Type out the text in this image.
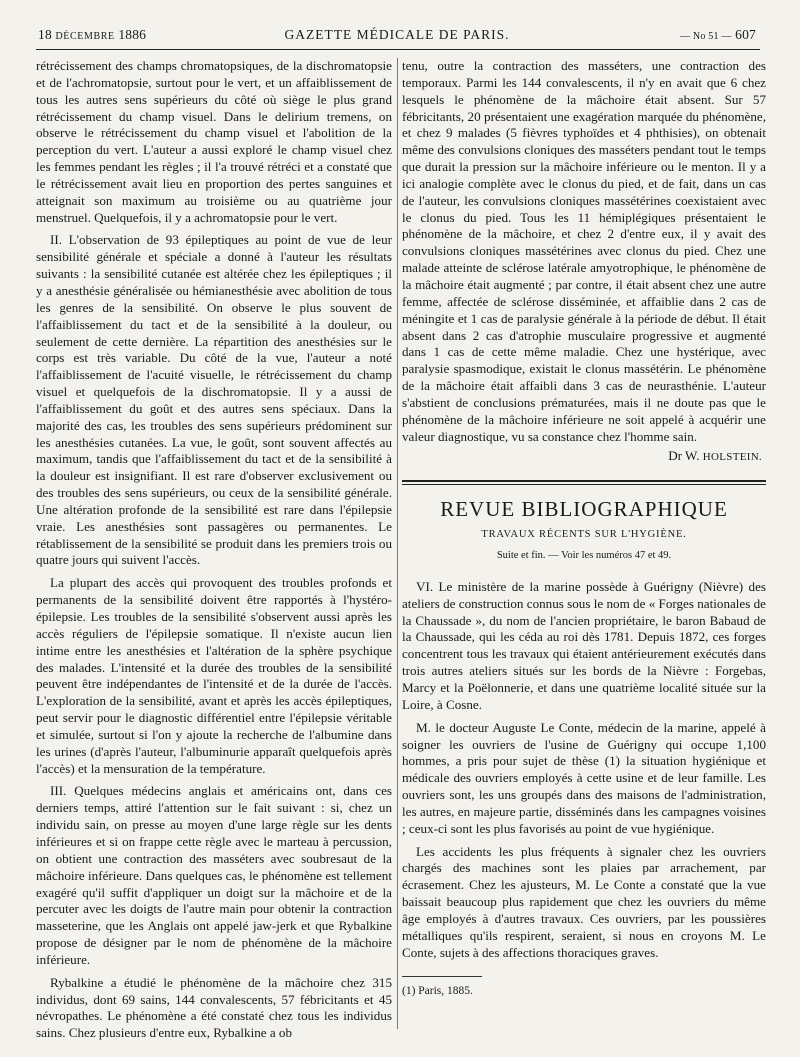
18 DÉCEMBRE 1886	GAZETTE MÉDICALE DE PARIS.	— No 51 — 607

rétrécissement des champs chromatopsiques, de la dischromatopsie et de l'achromatopsie, surtout pour le vert, et un affaiblissement de tous les autres sens supérieurs du côté où siège le plus grand rétrécissement du champ visuel. Dans le delirium tremens, on observe le rétrécissement du champ visuel et l'abolition de la perception du vert. L'auteur a aussi exploré le champ visuel chez les femmes pendant les règles ; il l'a trouvé rétréci et a constaté que le rétrécissement avait lieu en proportion des pertes sanguines et atteignait son maximum au troisième ou au quatrième jour menstruel. Quelquefois, il y a achromatopsie pour le vert.

II. L'observation de 93 épileptiques au point de vue de leur sensibilité générale et spéciale a donné à l'auteur les résultats suivants : la sensibilité cutanée est altérée chez les épileptiques ; il y a anesthésie généralisée ou hémianesthésie avec abolition de tous les genres de la sensibilité. On observe le plus souvent de l'affaiblissement du tact et de la sensibilité à la douleur, ou seulement de cette dernière. La répartition des anesthésies sur le corps est très variable. Du côté de la vue, l'auteur a noté l'affaiblissement de l'acuité visuelle, le rétrécissement du champ visuel et quelquefois de la dischromatopsie. Il y a aussi de l'affaiblissement du goût et des autres sens spéciaux. Dans la majorité des cas, les troubles des sens supérieurs prédominent sur les anesthésies cutanées. La vue, le goût, sont souvent affectés au maximum, tandis que l'affaiblissement du tact et de la sensibilité à la douleur est insignifiant. Il est rare d'observer exclusivement ou des troubles des sens supérieurs, ou ceux de la sensibilité générale. Une altération profonde de la sensibilité est rare dans l'épilepsie vraie. Les anesthésies sont passagères ou permanentes. Le rétablissement de la sensibilité se produit dans les premiers trois ou quatre jours qui suivent l'accès.

La plupart des accès qui provoquent des troubles profonds et permanents de la sensibilité doivent être rapportés à l'hystéro-épilepsie. Les troubles de la sensibilité s'observent aussi après les accès réguliers de l'épilepsie somatique. Il n'existe aucun lien intime entre les anesthésies et l'altération de la sphère psychique des malades. L'intensité et la durée des troubles de la sensibilité peuvent être indépendantes de l'intensité et de la durée de l'accès. L'exploration de la sensibilité, avant et après les accès épileptiques, peut servir pour le diagnostic différentiel entre l'épilepsie véritable et simulée, surtout si l'on y ajoute la recherche de l'albumine dans les urines (d'après l'auteur, l'albuminurie apparaît quelquefois après l'accès) et la mensuration de la température.

III. Quelques médecins anglais et américains ont, dans ces derniers temps, attiré l'attention sur le fait suivant : si, chez un individu sain, on presse au moyen d'une large règle sur les dents inférieures et si on frappe cette règle avec le marteau à percussion, on obtient une contraction des masséters avec soubresaut de la mâchoire inférieure. Dans quelques cas, le phénomène est tellement exagéré qu'il suffit d'appliquer un doigt sur la mâchoire et de la percuter avec les doigts de l'autre main pour obtenir la contraction masseterine, que les Anglais ont appelé jaw-jerk et que Rybalkine propose de désigner par le nom de phénomène de la mâchoire inférieure.

Rybalkine a étudié le phénomène de la mâchoire chez 315 individus, dont 69 sains, 144 convalescents, 57 fébricitants et 45 névropathes. Le phénomène a été constaté chez tous les individus sains. Chez plusieurs d'entre eux, Rybalkine a ob

tenu, outre la contraction des masséters, une contraction des temporaux. Parmi les 144 convalescents, il n'y en avait que 6 chez lesquels le phénomène de la mâchoire était absent. Sur 57 fébricitants, 20 présentaient une exagération marquée du phénomène, et chez 9 malades (5 fièvres typhoïdes et 4 phthisies), on obtenait même des convulsions cloniques des masséters pendant tout le temps que durait la pression sur la mâchoire inférieure ou le menton. Il y a ici analogie complète avec le clonus du pied, et de fait, dans un cas de l'auteur, les convulsions cloniques massétérines coexistaient avec le clonus du pied. Tous les 11 hémiplégiques présentaient le phénomène de la mâchoire, et chez 2 d'entre eux, il y avait des convulsions cloniques massétérines avec clonus du pied. Chez une malade atteinte de sclérose latérale amyotrophique, le phénomène de la mâchoire était augmenté ; par contre, il était absent chez une autre femme, affectée de sclérose disséminée, et affaiblie dans 2 cas de méningite et 1 cas de paralysie générale à la période de début. Il était absent dans 2 cas d'atrophie musculaire progressive et augmenté dans 1 cas de cette même maladie. Chez une hystérique, avec paralysie spasmodique, existait le clonus massétérin. Le phénomène de la mâchoire était affaibli dans 3 cas de neurasthénie. L'auteur s'abstient de conclusions prématurées, mais il ne doute pas que le phénomène de la mâchoire inférieure ne soit appelé à acquérir une valeur diagnostique, vu sa constance chez l'homme sain.

Dr W. HOLSTEIN.

REVUE BIBLIOGRAPHIQUE

TRAVAUX RÉCENTS SUR L'HYGIÈNE.

Suite et fin. — Voir les numéros 47 et 49.

VI. Le ministère de la marine possède à Guérigny (Nièvre) des ateliers de construction connus sous le nom de « Forges nationales de la Chaussade », du nom de l'ancien propriétaire, le baron Babaud de la Chaussade, qui les céda au roi dès 1781. Depuis 1872, ces forges concentrent tous les travaux qui étaient antérieurement exécutés dans trois autres ateliers situés sur les bords de la Nièvre : Forgebas, Marcy et la Poëlonnerie, et dans une quatrième localité située sur la Loire, à Cosne.

M. le docteur Auguste Le Conte, médecin de la marine, appelé à soigner les ouvriers de l'usine de Guérigny qui occupe 1,100 hommes, a pris pour sujet de thèse (1) la situation hygiénique et médicale des ouvriers employés à cette usine et de leur famille. Les ouvriers sont, les uns groupés dans des maisons de l'administration, les autres, en majeure partie, disséminés dans les campagnes voisines ; ceux-ci sont les plus favorisés au point de vue hygiénique.

Les accidents les plus fréquents à signaler chez les ouvriers chargés des machines sont les plaies par arrachement, par écrasement. Chez les ajusteurs, M. Le Conte a constaté que la vue baissait beaucoup plus rapidement que chez les ouvriers du même âge employés à d'autres travaux. Ces ouvriers, par les poussières métalliques qu'ils respirent, seraient, si nous en croyons M. Le Conte, sujets à des affections thoraciques graves.

(1) Paris, 1885.
